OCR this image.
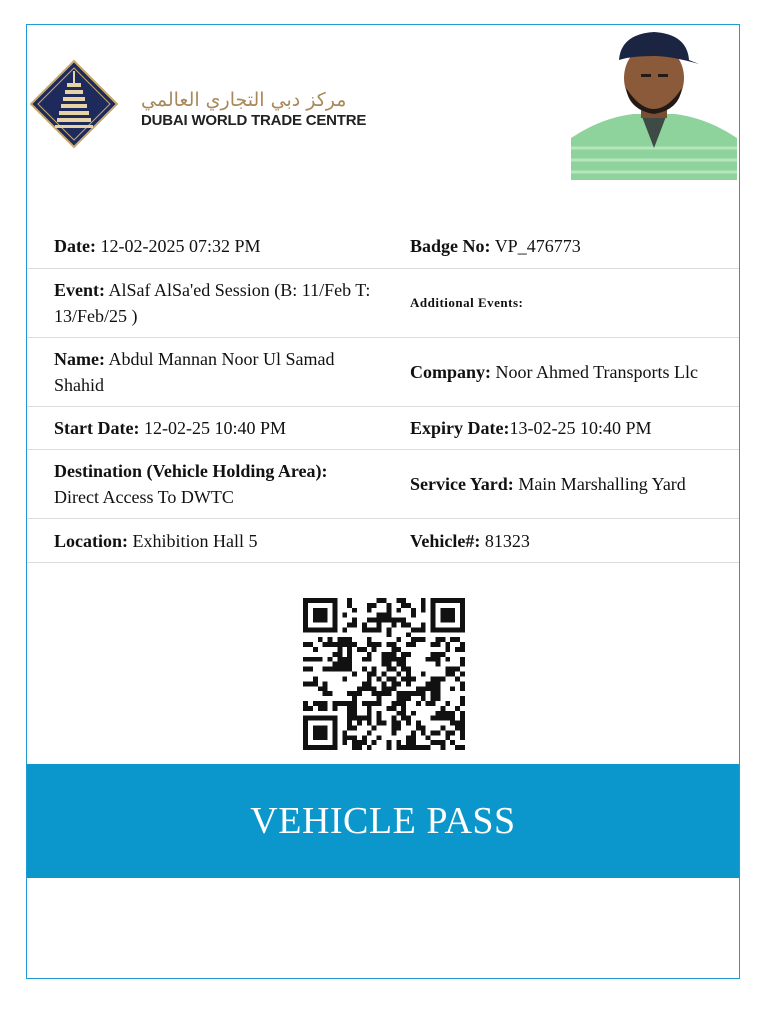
مركز دبي التجاري العالمي
DUBAI WORLD TRADE CENTRE
Date: 12-02-2025 07:32 PM	Badge No: VP_476773
Event: AlSaf AlSa'ed Session (B: 11/Feb T: 13/Feb/25 )
Additional Events:
Name: Abdul Mannan Noor Ul Samad Shahid
Company: Noor Ahmed Transports Llc
Start Date: 12-02-25 10:40 PM	Expiry Date:13-02-25 10:40 PM
Destination (Vehicle Holding Area): Direct Access To DWTC
Service Yard: Main Marshalling Yard
Location: Exhibition Hall 5	Vehicle#: 81323
VEHICLE PASS
